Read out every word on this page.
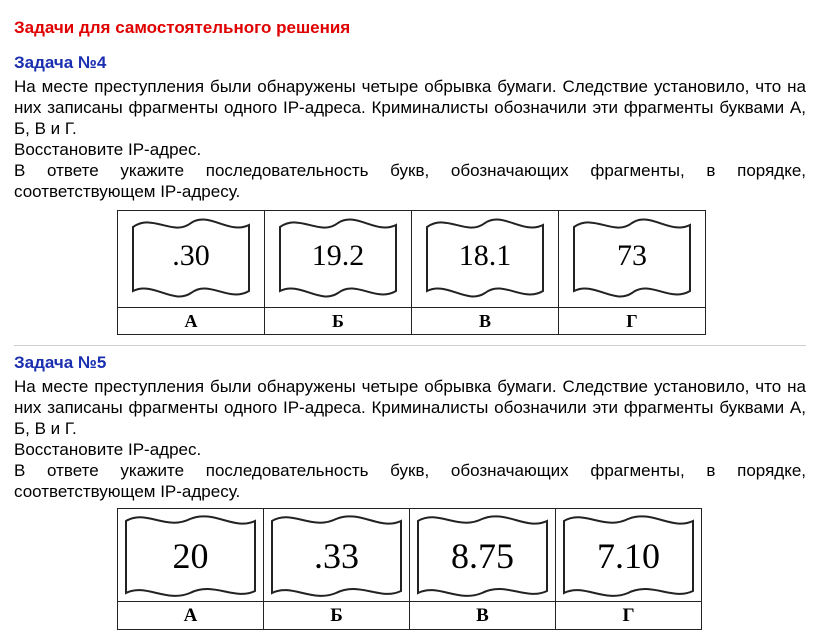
Задачи для самостоятельного решения
Задача №4

На месте преступления были обнаружены четыре обрывка бумаги. Следствие установило, что на них записаны фрагменты одного IP-адреса. Криминалисты обозначили эти фрагменты буквами А, Б, В и Г.

Восстановите IP-адрес.

В ответе укажите последовательность букв, обозначающих фрагменты, в порядке, соответствующем IP-адресу.

.30	19.2	18.1	73

А	Б	В	Г
Задача №5

На месте преступления были обнаружены четыре обрывка бумаги. Следствие установило, что на них записаны фрагменты одного IP-адреса. Криминалисты обозначили эти фрагменты буквами А, Б, В и Г.

Восстановите IP-адрес.

В ответе укажите последовательность букв, обозначающих фрагменты, в порядке, соответствующем IP-адресу.

20	.33	8.75	7.10

А	Б	В	Г
